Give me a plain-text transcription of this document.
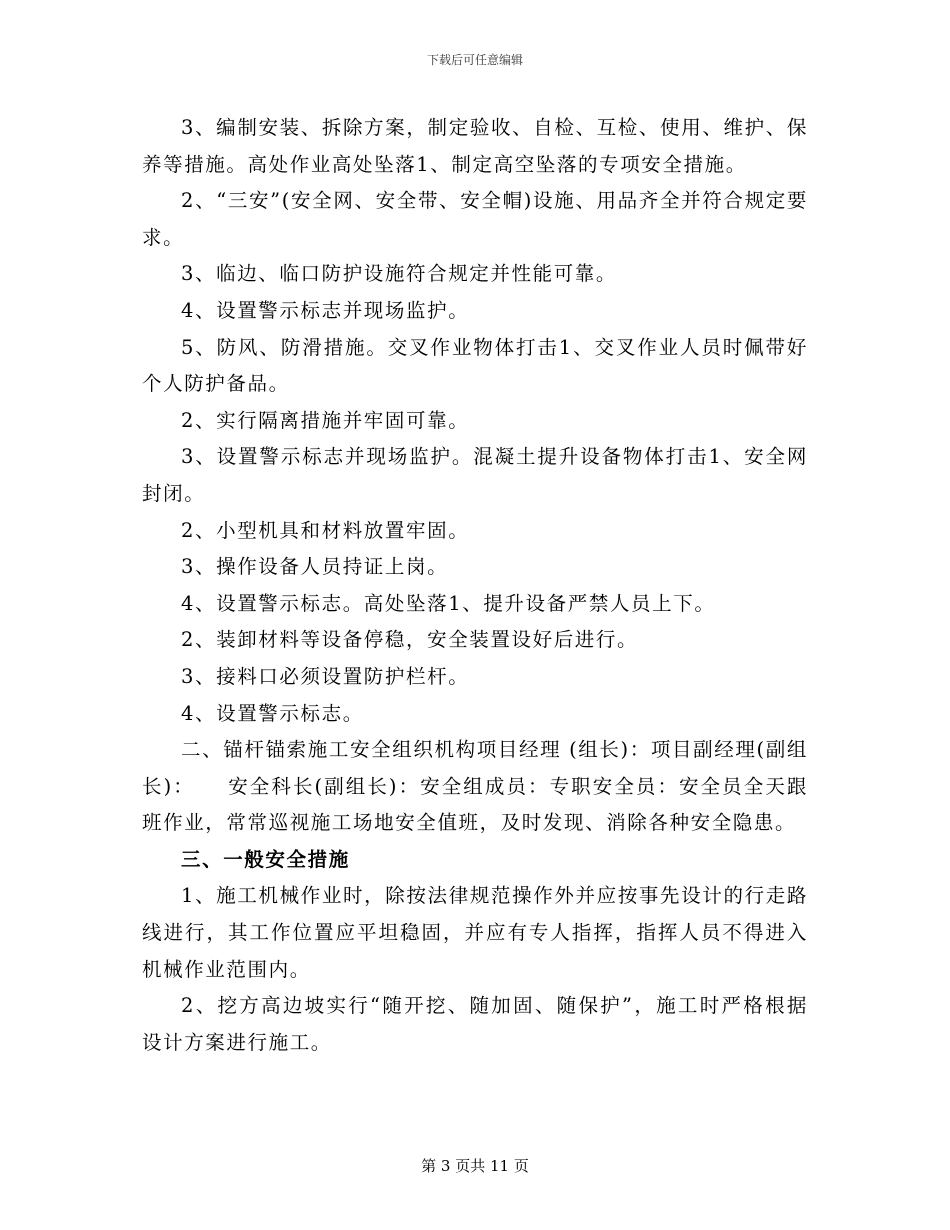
下载后可任意编辑

3、编制安装、拆除方案，制定验收、自检、互检、使用、维护、保养等措施。高处作业高处坠落1、制定高空坠落的专项安全措施。

2、“三安”(安全网、安全带、安全帽)设施、用品齐全并符合规定要求。

3、临边、临口防护设施符合规定并性能可靠。

4、设置警示标志并现场监护。

5、防风、防滑措施。交叉作业物体打击1、交叉作业人员时佩带好个人防护备品。

2、实行隔离措施并牢固可靠。

3、设置警示标志并现场监护。混凝土提升设备物体打击1、安全网封闭。

2、小型机具和材料放置牢固。

3、操作设备人员持证上岗。

4、设置警示标志。高处坠落1、提升设备严禁人员上下。

2、装卸材料等设备停稳，安全装置设好后进行。

3、接料口必须设置防护栏杆。

4、设置警示标志。

二、锚杆锚索施工安全组织机构项目经理 (组长)：项目副经理(副组长)：　　安全科长(副组长)：安全组成员：专职安全员：安全员全天跟班作业，常常巡视施工场地安全值班，及时发现、消除各种安全隐患。

三、一般安全措施

1、施工机械作业时，除按法律规范操作外并应按事先设计的行走路线进行，其工作位置应平坦稳固，并应有专人指挥，指挥人员不得进入机械作业范围内。

2、挖方高边坡实行“随开挖、随加固、随保护”，施工时严格根据设计方案进行施工。

第 3 页共 11 页
